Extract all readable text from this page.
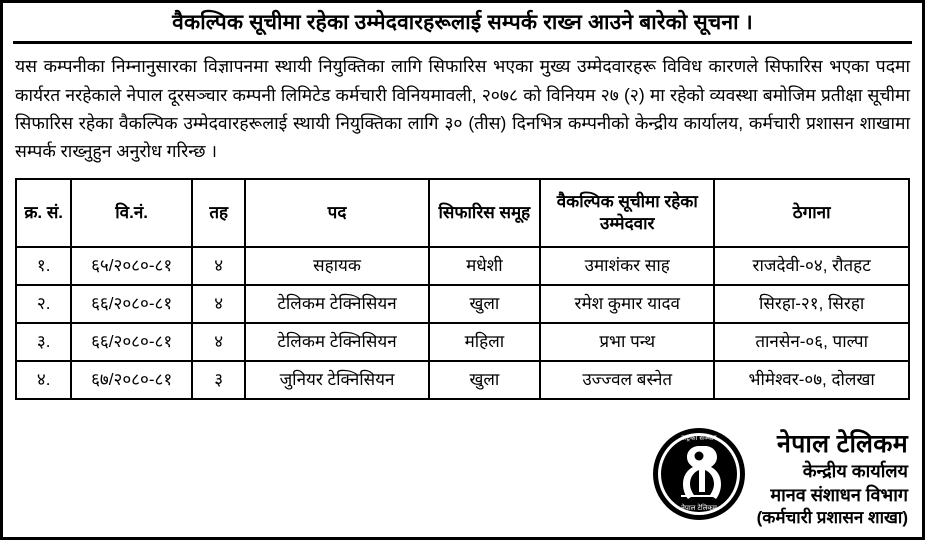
वैकल्पिक सूचीमा रहेका उम्मेदवारहरूलाई सम्पर्क राख्न आउने बारेको सूचना ।
यस कम्पनीका निम्नानुसारका विज्ञापनमा स्थायी नियुक्तिका लागि सिफारिस भएका मुख्य उम्मेदवारहरू विविध कारणले सिफारिस भएका पदमा कार्यरत नरहेकाले नेपाल दूरसञ्चार कम्पनी लिमिटेड कर्मचारी विनियमावली, २०७८ को विनियम २७ (२) मा रहेको व्यवस्था बमोजिम प्रतीक्षा सूचीमा सिफारिस रहेका वैकल्पिक उम्मेदवारहरूलाई स्थायी नियुक्तिका लागि ३० (तीस) दिनभित्र कम्पनीको केन्द्रीय कार्यालय, कर्मचारी प्रशासन शाखामा सम्पर्क राख्नुहुन अनुरोध गरिन्छ ।
क्र. सं.	वि.नं.	तह	पद	सिफारिस समूह	वैकल्पिक सूचीमा रहेका उम्मेदवार	ठेगाना
१.	६५/२०८०-८१	४	सहायक	मधेशी	उमाशंकर साह	राजदेवी-०४, रौतहट
२.	६६/२०८०-८१	४	टेलिकम टेक्निसियन	खुला	रमेश कुमार यादव	सिरहा-२१, सिरहा
३.	६६/२०८०-८१	४	टेलिकम टेक्निसियन	महिला	प्रभा पन्थ	तानसेन-०६, पाल्पा
४.	६७/२०८०-८१	३	जुनियर टेक्निसियन	खुला	उज्ज्वल बस्नेत	भीमेश्वर-०७, दोलखा
राष्ट्रकाे सञ्चार
नेपाल टेलिकम
नेपाल टेलिकम
केन्द्रीय कार्यालय
मानव संशाधन विभाग
(कर्मचारी प्रशासन शाखा)
